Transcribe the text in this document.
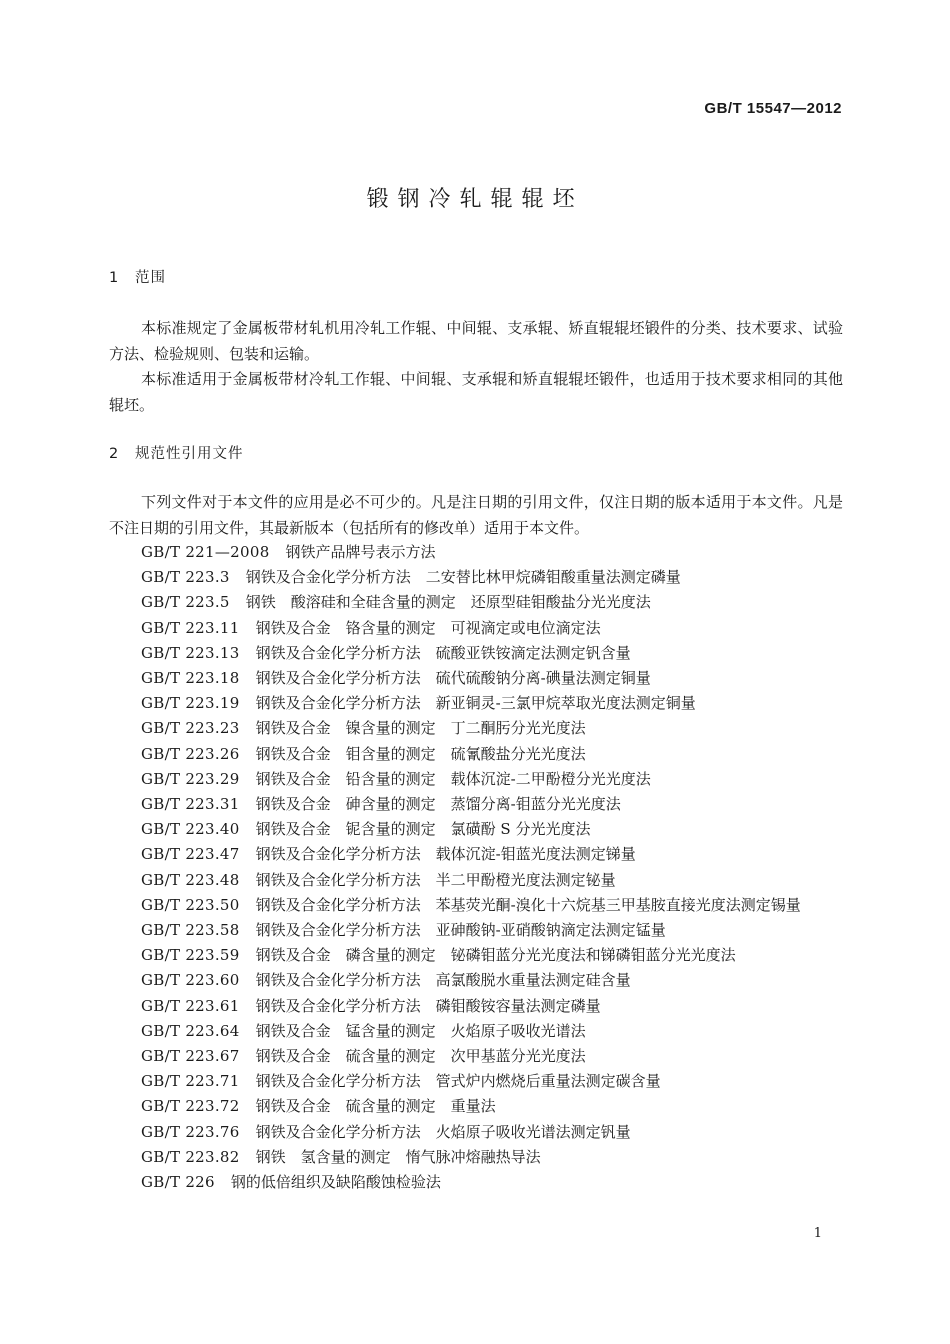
GB/T 15547—2012
锻钢冷轧辊辊坯
1 范围
本标准规定了金属板带材轧机用冷轧工作辊、中间辊、支承辊、矫直辊辊坯锻件的分类、技术要求、试验方法、检验规则、包装和运输。
本标准适用于金属板带材冷轧工作辊、中间辊、支承辊和矫直辊辊坯锻件，也适用于技术要求相同的其他辊坯。
2 规范性引用文件
下列文件对于本文件的应用是必不可少的。凡是注日期的引用文件，仅注日期的版本适用于本文件。凡是不注日期的引用文件，其最新版本（包括所有的修改单）适用于本文件。
GB/T 221—2008 钢铁产品牌号表示方法
GB/T 223.3 钢铁及合金化学分析方法　二安替比林甲烷磷钼酸重量法测定磷量
GB/T 223.5 钢铁　酸溶硅和全硅含量的测定　还原型硅钼酸盐分光光度法
GB/T 223.11 钢铁及合金　铬含量的测定　可视滴定或电位滴定法
GB/T 223.13 钢铁及合金化学分析方法　硫酸亚铁铵滴定法测定钒含量
GB/T 223.18 钢铁及合金化学分析方法　硫代硫酸钠分离-碘量法测定铜量
GB/T 223.19 钢铁及合金化学分析方法　新亚铜灵-三氯甲烷萃取光度法测定铜量
GB/T 223.23 钢铁及合金　镍含量的测定　丁二酮肟分光光度法
GB/T 223.26 钢铁及合金　钼含量的测定　硫氰酸盐分光光度法
GB/T 223.29 钢铁及合金　铅含量的测定　载体沉淀-二甲酚橙分光光度法
GB/T 223.31 钢铁及合金　砷含量的测定　蒸馏分离-钼蓝分光光度法
GB/T 223.40 钢铁及合金　铌含量的测定　氯磺酚 S 分光光度法
GB/T 223.47 钢铁及合金化学分析方法　载体沉淀-钼蓝光度法测定锑量
GB/T 223.48 钢铁及合金化学分析方法　半二甲酚橙光度法测定铋量
GB/T 223.50 钢铁及合金化学分析方法　苯基荧光酮-溴化十六烷基三甲基胺直接光度法测定锡量
GB/T 223.58 钢铁及合金化学分析方法　亚砷酸钠-亚硝酸钠滴定法测定锰量
GB/T 223.59 钢铁及合金　磷含量的测定　铋磷钼蓝分光光度法和锑磷钼蓝分光光度法
GB/T 223.60 钢铁及合金化学分析方法　高氯酸脱水重量法测定硅含量
GB/T 223.61 钢铁及合金化学分析方法　磷钼酸铵容量法测定磷量
GB/T 223.64 钢铁及合金　锰含量的测定　火焰原子吸收光谱法
GB/T 223.67 钢铁及合金　硫含量的测定　次甲基蓝分光光度法
GB/T 223.71 钢铁及合金化学分析方法　管式炉内燃烧后重量法测定碳含量
GB/T 223.72 钢铁及合金　硫含量的测定　重量法
GB/T 223.76 钢铁及合金化学分析方法　火焰原子吸收光谱法测定钒量
GB/T 223.82 钢铁　氢含量的测定　惰气脉冲熔融热导法
GB/T 226 钢的低倍组织及缺陷酸蚀检验法
1
